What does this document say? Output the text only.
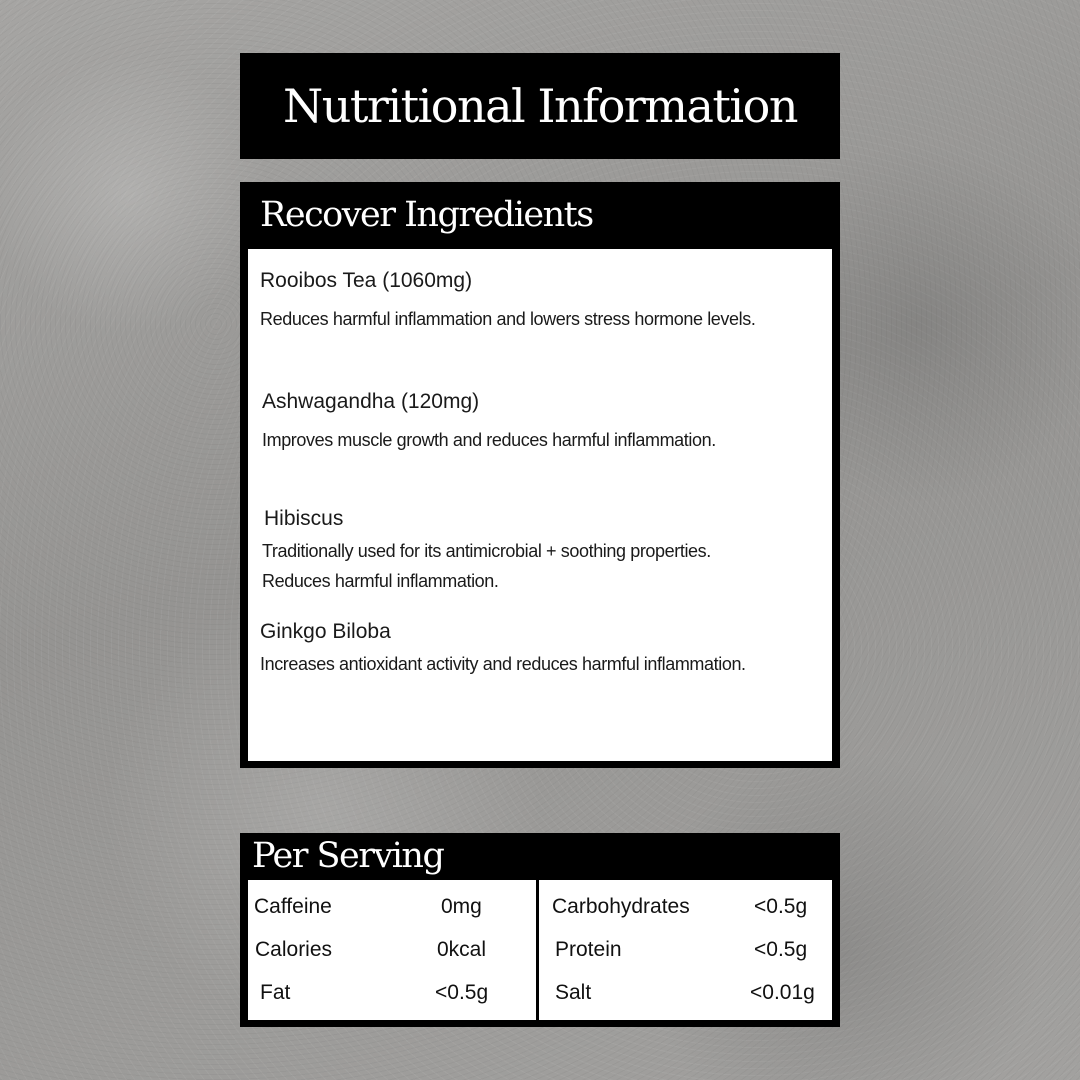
Nutritional Information
Recover Ingredients
Rooibos Tea (1060mg)
Reduces harmful inflammation and lowers stress hormone levels.
Ashwagandha (120mg)
Improves muscle growth and reduces harmful inflammation.
Hibiscus
Traditionally used for its antimicrobial + soothing properties. Reduces harmful inflammation.
Ginkgo Biloba
Increases antioxidant activity and reduces harmful inflammation.
Per Serving
Caffeine	0mg
Calories	0kcal
Fat	<0.5g
Carbohydrates	<0.5g
Protein	<0.5g
Salt	<0.01g
